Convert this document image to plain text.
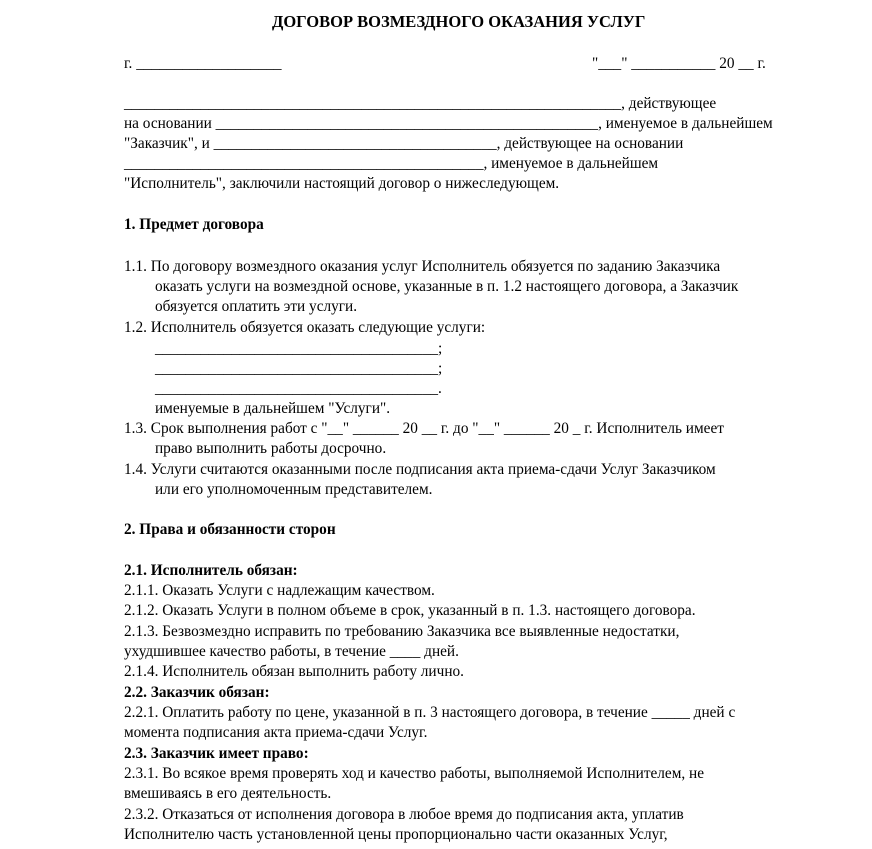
ДОГОВОР ВОЗМЕЗДНОГО ОКАЗАНИЯ УСЛУГ
г. ___________________	"___" ___________ 20 __ г.
_________________________________________________________________, действующее
на основании __________________________________________________, именуемое в дальнейшем
"Заказчик", и _____________________________________, действующее на основании
_______________________________________________, именуемое в дальнейшем
"Исполнитель", заключили настоящий договор о нижеследующем.
1. Предмет договора
1.1. По договору возмездного оказания услуг Исполнитель обязуется по заданию Заказчика
оказать услуги на возмездной основе, указанные в п. 1.2 настоящего договора, а Заказчик
обязуется оплатить эти услуги.
1.2. Исполнитель обязуется оказать следующие услуги:
_____________________________________;
_____________________________________;
_____________________________________.
именуемые в дальнейшем "Услуги".
1.3. Срок выполнения работ с "__" ______ 20 __ г. до "__" ______ 20 _ г. Исполнитель имеет
право выполнить работы досрочно.
1.4. Услуги считаются оказанными после подписания акта приема-сдачи Услуг Заказчиком
или его уполномоченным представителем.
2. Права и обязанности сторон
2.1. Исполнитель обязан:
2.1.1. Оказать Услуги с надлежащим качеством.
2.1.2. Оказать Услуги в полном объеме в срок, указанный в п. 1.3. настоящего договора.
2.1.3. Безвозмездно исправить по требованию Заказчика все выявленные недостатки,
ухудшившее качество работы, в течение ____ дней.
2.1.4. Исполнитель обязан выполнить работу лично.
2.2. Заказчик обязан:
2.2.1. Оплатить работу по цене, указанной в п. 3 настоящего договора, в течение _____ дней с
момента подписания акта приема-сдачи Услуг.
2.3. Заказчик имеет право:
2.3.1. Во всякое время проверять ход и качество работы, выполняемой Исполнителем, не
вмешиваясь в его деятельность.
2.3.2. Отказаться от исполнения договора в любое время до подписания акта, уплатив
Исполнителю часть установленной цены пропорционально части оказанных Услуг,
